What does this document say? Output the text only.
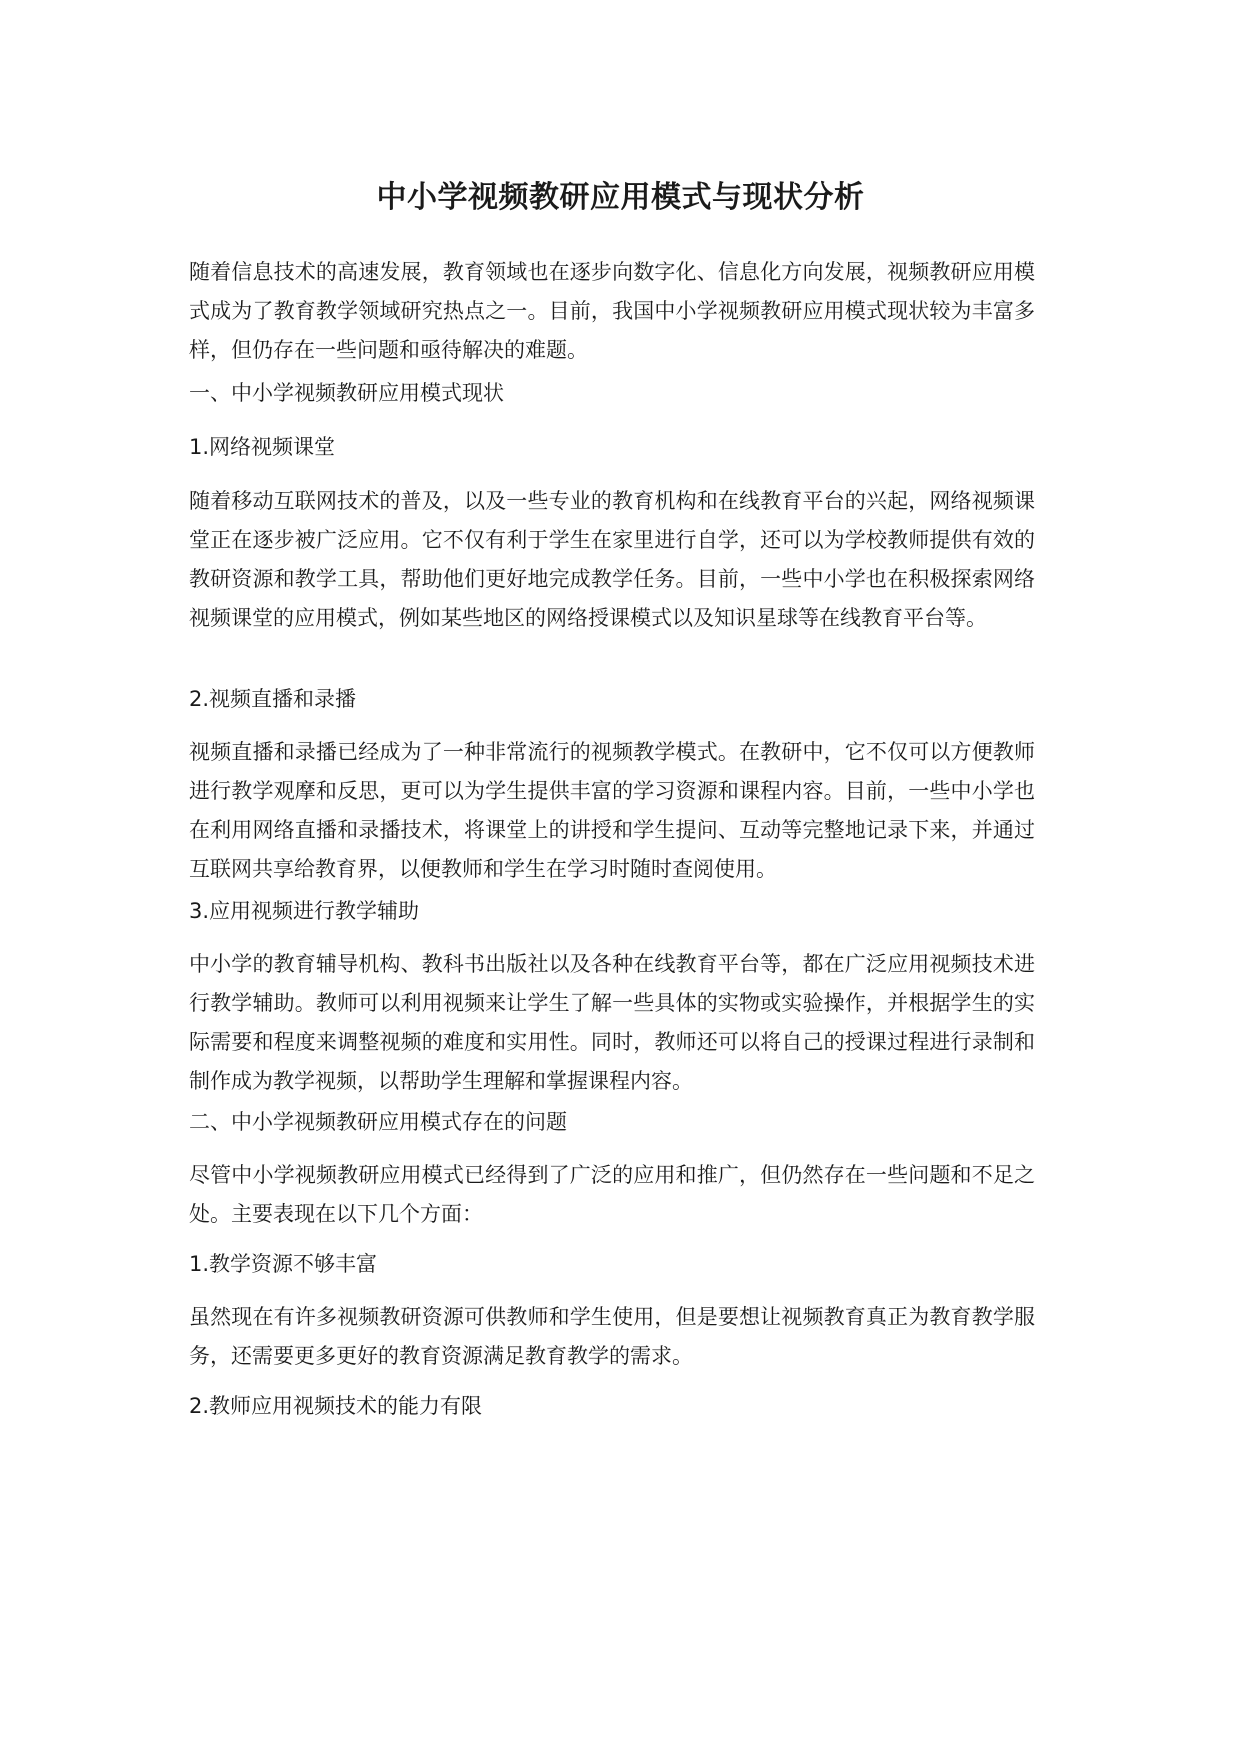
中小学视频教研应用模式与现状分析

随着信息技术的高速发展，教育领域也在逐步向数字化、信息化方向发展，视频教研应用模式成为了教育教学领域研究热点之一。目前，我国中小学视频教研应用模式现状较为丰富多样，但仍存在一些问题和亟待解决的难题。

一、中小学视频教研应用模式现状

1.网络视频课堂

随着移动互联网技术的普及，以及一些专业的教育机构和在线教育平台的兴起，网络视频课堂正在逐步被广泛应用。它不仅有利于学生在家里进行自学，还可以为学校教师提供有效的教研资源和教学工具，帮助他们更好地完成教学任务。目前，一些中小学也在积极探索网络视频课堂的应用模式，例如某些地区的网络授课模式以及知识星球等在线教育平台等。

2.视频直播和录播

视频直播和录播已经成为了一种非常流行的视频教学模式。在教研中，它不仅可以方便教师进行教学观摩和反思，更可以为学生提供丰富的学习资源和课程内容。目前，一些中小学也在利用网络直播和录播技术，将课堂上的讲授和学生提问、互动等完整地记录下来，并通过互联网共享给教育界，以便教师和学生在学习时随时查阅使用。

3.应用视频进行教学辅助

中小学的教育辅导机构、教科书出版社以及各种在线教育平台等，都在广泛应用视频技术进行教学辅助。教师可以利用视频来让学生了解一些具体的实物或实验操作，并根据学生的实际需要和程度来调整视频的难度和实用性。同时，教师还可以将自己的授课过程进行录制和制作成为教学视频，以帮助学生理解和掌握课程内容。

二、中小学视频教研应用模式存在的问题

尽管中小学视频教研应用模式已经得到了广泛的应用和推广，但仍然存在一些问题和不足之处。主要表现在以下几个方面：

1.教学资源不够丰富

虽然现在有许多视频教研资源可供教师和学生使用，但是要想让视频教育真正为教育教学服务，还需要更多更好的教育资源满足教育教学的需求。

2.教师应用视频技术的能力有限
